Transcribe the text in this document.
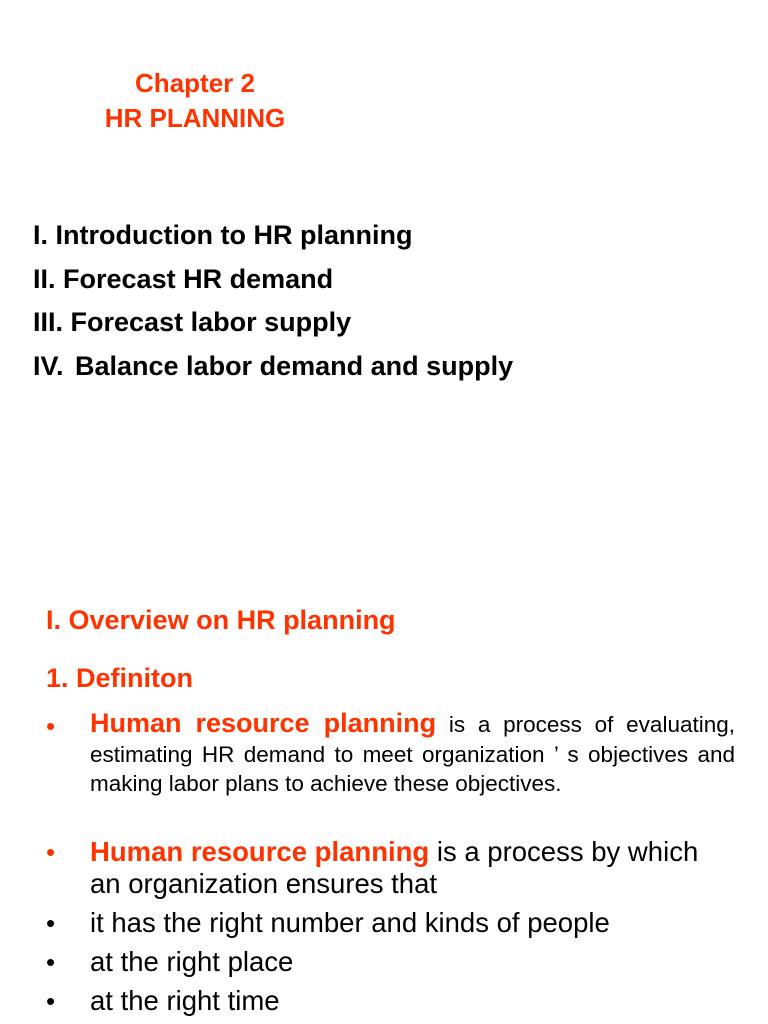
Chapter 2
HR PLANNING
I.
Introduction to HR planning
II.
Forecast HR demand
III.
Forecast labor supply
IV. Balance labor demand and supply
I. Overview on HR planning
1. Definiton
•	Human resource planning is a process of evaluating, estimating HR demand to meet organization ’ s objectives and making labor plans to achieve these objectives.
•	Human resource planning is a process by which an organization ensures that
•	it has the right number and kinds of people
•	at the right place
•	at the right time
